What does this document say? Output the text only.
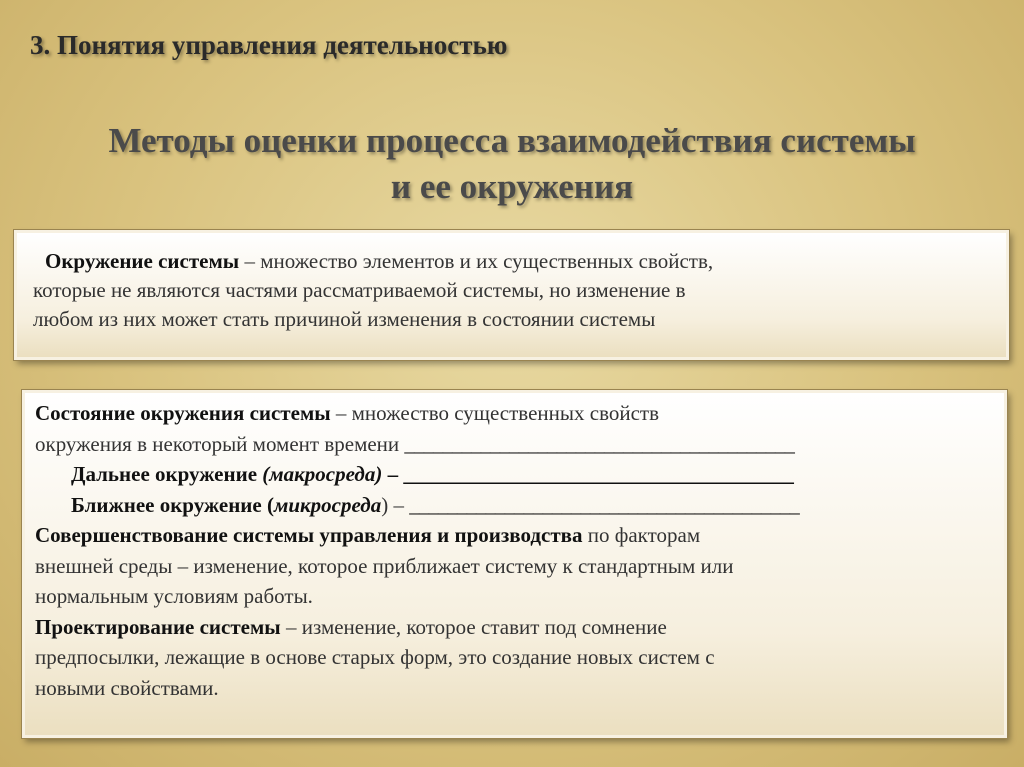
3. Понятия управления деятельностью
Методы оценки процесса взаимодействия системы
и ее окружения
Окружение системы – множество элементов и их существенных свойств,
которые не являются частями рассматриваемой системы, но изменение в
любом из них может стать причиной изменения в состоянии системы
Состояние окружения системы – множество существенных свойств
окружения в некоторый момент времени _________________________________________
Дальнее окружение (макросреда) – _________________________________________
Ближнее окружение (микросреда) – _________________________________________
Совершенствование системы управления и производства по факторам
внешней среды – изменение, которое приближает систему к стандартным или
нормальным условиям работы.
Проектирование системы – изменение, которое ставит под сомнение
предпосылки, лежащие в основе старых форм, это создание новых систем с
новыми свойствами.
